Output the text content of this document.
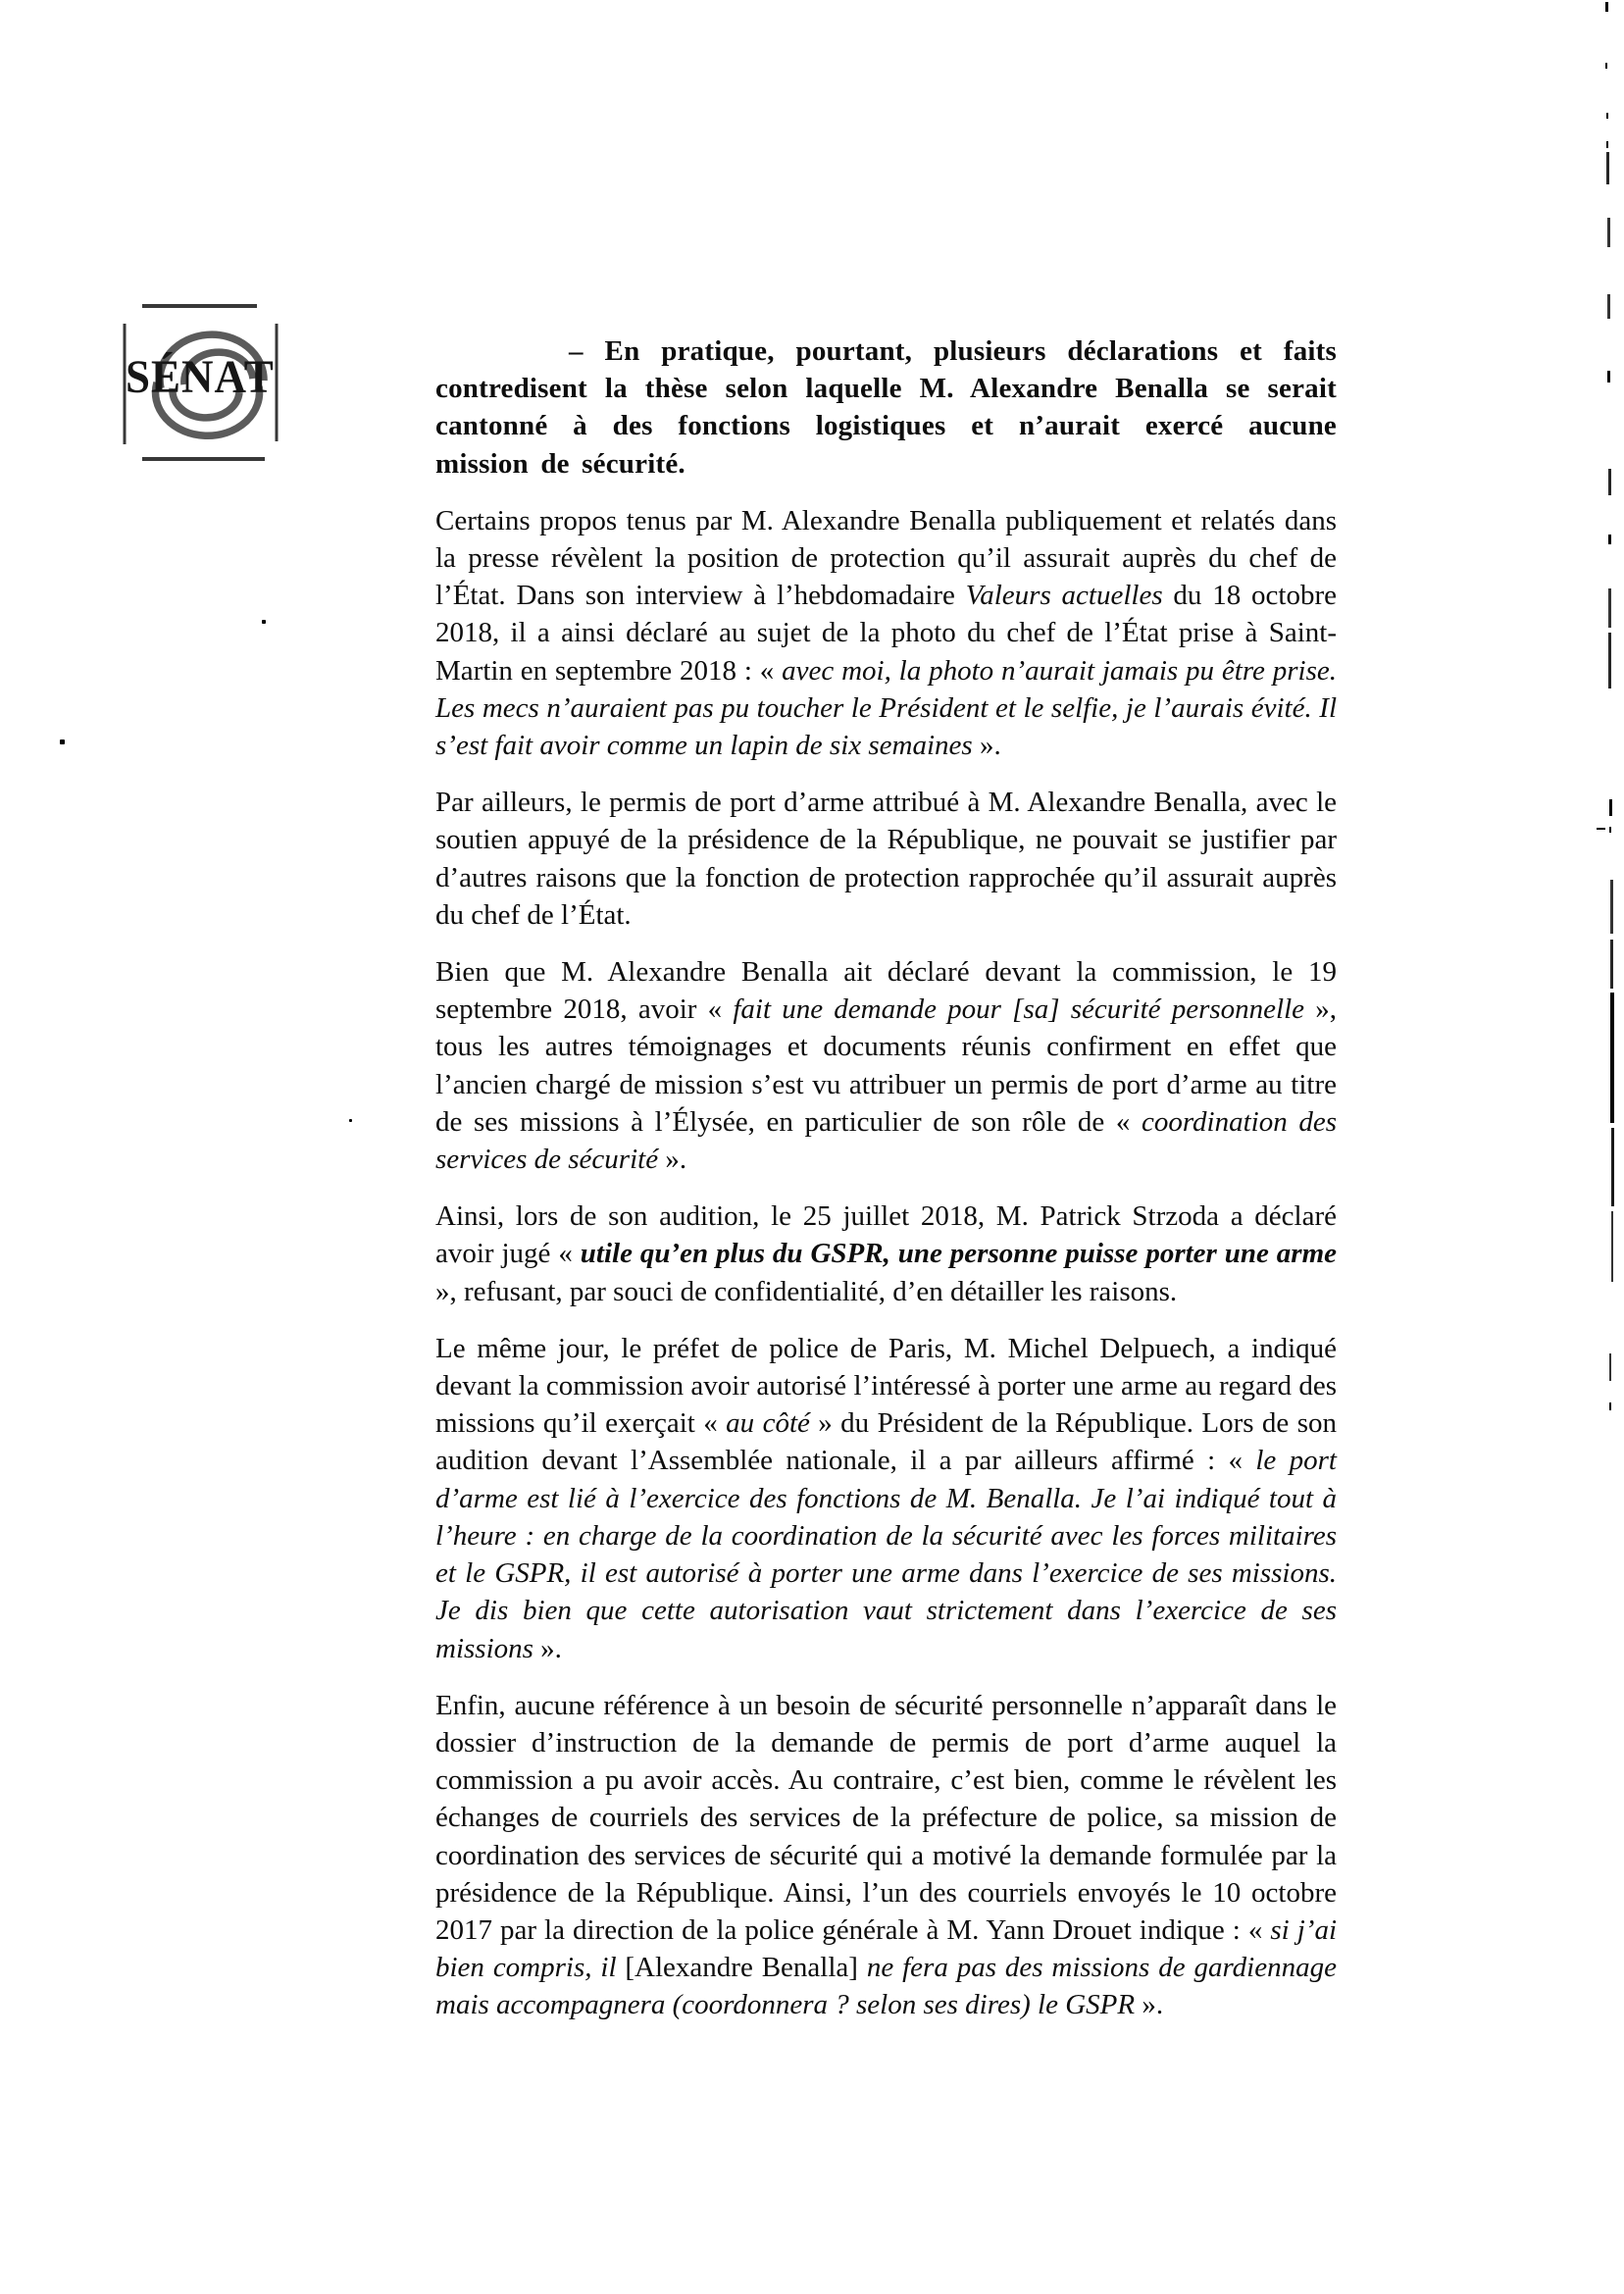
SÉNAT	– En pratique, pourtant, plusieurs déclarations et faits contredisent la thèse selon laquelle M. Alexandre Benalla se serait cantonné à des fonctions logistiques et n’aurait exercé aucune mission de sécurité.

Certains propos tenus par M. Alexandre Benalla publiquement et relatés dans la presse révèlent la position de protection qu’il assurait auprès du chef de l’État. Dans son interview à l’hebdomadaire Valeurs actuelles du 18 octobre 2018, il a ainsi déclaré au sujet de la photo du chef de l’État prise à Saint-Martin en septembre 2018 : « avec moi, la photo n’aurait jamais pu être prise. Les mecs n’auraient pas pu toucher le Président et le selfie, je l’aurais évité. Il s’est fait avoir comme un lapin de six semaines ».

Par ailleurs, le permis de port d’arme attribué à M. Alexandre Benalla, avec le soutien appuyé de la présidence de la République, ne pouvait se justifier par d’autres raisons que la fonction de protection rapprochée qu’il assurait auprès du chef de l’État.

Bien que M. Alexandre Benalla ait déclaré devant la commission, le 19 septembre 2018, avoir « fait une demande pour [sa] sécurité personnelle », tous les autres témoignages et documents réunis confirment en effet que l’ancien chargé de mission s’est vu attribuer un permis de port d’arme au titre de ses missions à l’Élysée, en particulier de son rôle de « coordination des services de sécurité ».

Ainsi, lors de son audition, le 25 juillet 2018, M. Patrick Strzoda a déclaré avoir jugé « utile qu’en plus du GSPR, une personne puisse porter une arme », refusant, par souci de confidentialité, d’en détailler les raisons.

Le même jour, le préfet de police de Paris, M. Michel Delpuech, a indiqué devant la commission avoir autorisé l’intéressé à porter une arme au regard des missions qu’il exerçait « au côté » du Président de la République. Lors de son audition devant l’Assemblée nationale, il a par ailleurs affirmé : « le port d’arme est lié à l’exercice des fonctions de M. Benalla. Je l’ai indiqué tout à l’heure : en charge de la coordination de la sécurité avec les forces militaires et le GSPR, il est autorisé à porter une arme dans l’exercice de ses missions. Je dis bien que cette autorisation vaut strictement dans l’exercice de ses missions ».

Enfin, aucune référence à un besoin de sécurité personnelle n’apparaît dans le dossier d’instruction de la demande de permis de port d’arme auquel la commission a pu avoir accès. Au contraire, c’est bien, comme le révèlent les échanges de courriels des services de la préfecture de police, sa mission de coordination des services de sécurité qui a motivé la demande formulée par la présidence de la République. Ainsi, l’un des courriels envoyés le 10 octobre 2017 par la direction de la police générale à M. Yann Drouet indique : « si j’ai bien compris, il [Alexandre Benalla] ne fera pas des missions de gardiennage mais accompagnera (coordonnera ? selon ses dires) le GSPR ».
